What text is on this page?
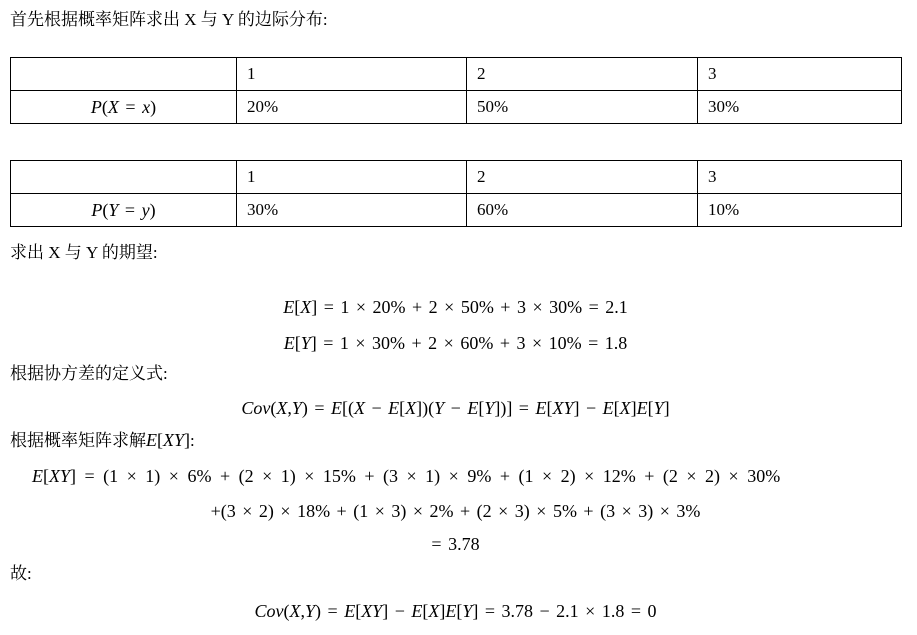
首先根据概率矩阵求出 X 与 Y 的边际分布:

	1	2	3
P(X = x)	20%	50%	30%
	1	2	3
P(Y = y)	30%	60%	10%

求出 X 与 Y 的期望:

E[X] = 1 × 20% + 2 × 50% + 3 × 30% = 2.1
E[Y] = 1 × 30% + 2 × 60% + 3 × 10% = 1.8

根据协方差的定义式:

Cov(X,Y) = E[(X − E[X])(Y − E[Y])] = E[XY] − E[X]E[Y]

根据概率矩阵求解E[XY]:

E[XY] = (1 × 1) × 6% + (2 × 1) × 15% + (3 × 1) × 9% + (1 × 2) × 12% + (2 × 2) × 30%
+(3 × 2) × 18% + (1 × 3) × 2% + (2 × 3) × 5% + (3 × 3) × 3%
= 3.78

故:

Cov(X,Y) = E[XY] − E[X]E[Y] = 3.78 − 2.1 × 1.8 = 0
